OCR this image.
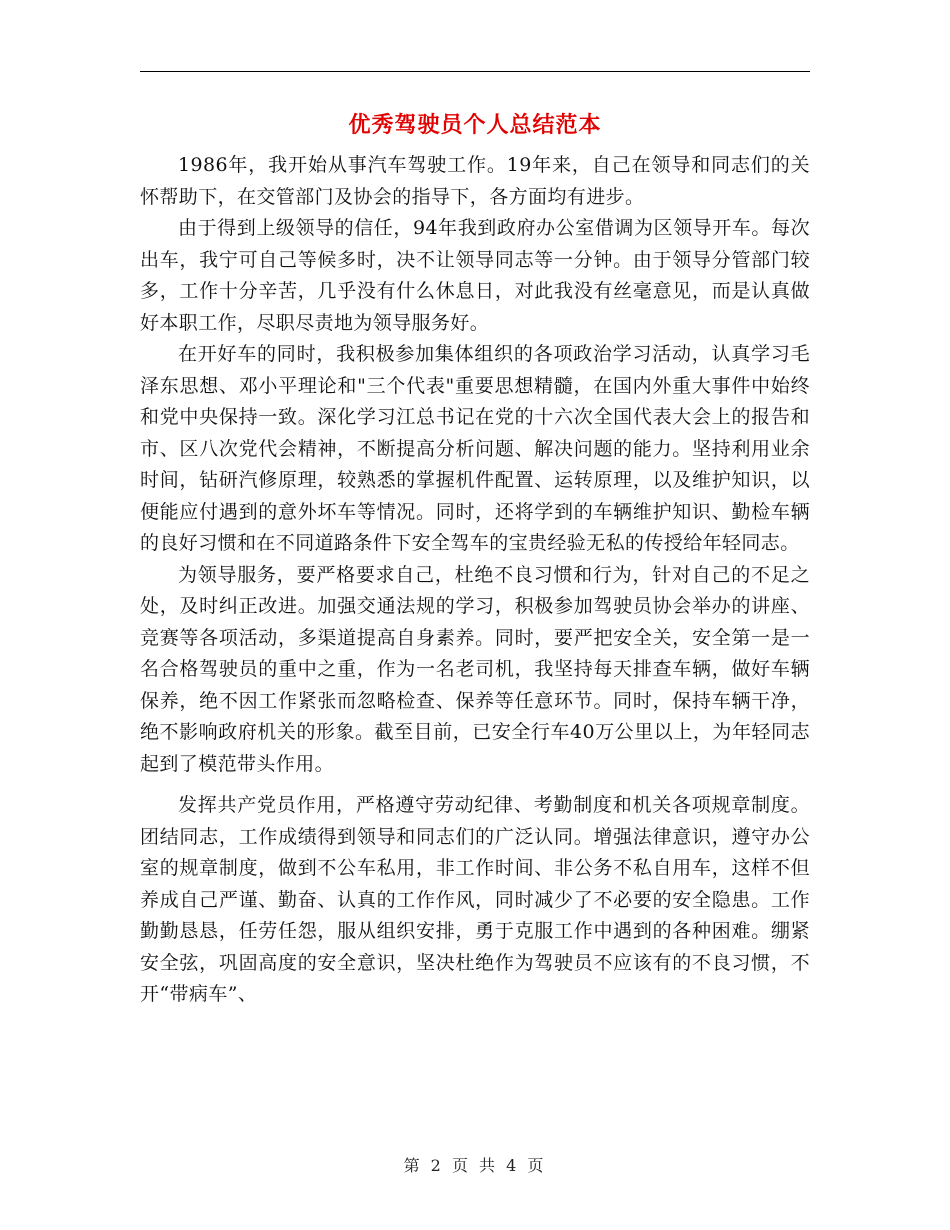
优秀驾驶员个人总结范本

1986年，我开始从事汽车驾驶工作。19年来，自己在领导和同志们的关怀帮助下，在交管部门及协会的指导下，各方面均有进步。

由于得到上级领导的信任，94年我到政府办公室借调为区领导开车。每次出车，我宁可自己等候多时，决不让领导同志等一分钟。由于领导分管部门较多，工作十分辛苦，几乎没有什么休息日，对此我没有丝毫意见，而是认真做好本职工作，尽职尽责地为领导服务好。

在开好车的同时，我积极参加集体组织的各项政治学习活动，认真学习毛泽东思想、邓小平理论和"三个代表"重要思想精髓，在国内外重大事件中始终和党中央保持一致。深化学习江总书记在党的十六次全国代表大会上的报告和市、区八次党代会精神，不断提高分析问题、解决问题的能力。坚持利用业余时间，钻研汽修原理，较熟悉的掌握机件配置、运转原理，以及维护知识，以便能应付遇到的意外坏车等情况。同时，还将学到的车辆维护知识、勤检车辆的良好习惯和在不同道路条件下安全驾车的宝贵经验无私的传授给年轻同志。

为领导服务，要严格要求自己，杜绝不良习惯和行为，针对自己的不足之处，及时纠正改进。加强交通法规的学习，积极参加驾驶员协会举办的讲座、竞赛等各项活动，多渠道提高自身素养。同时，要严把安全关，安全第一是一名合格驾驶员的重中之重，作为一名老司机，我坚持每天排查车辆，做好车辆保养，绝不因工作紧张而忽略检查、保养等任意环节。同时，保持车辆干净，绝不影响政府机关的形象。截至目前，已安全行车40万公里以上，为年轻同志起到了模范带头作用。

发挥共产党员作用，严格遵守劳动纪律、考勤制度和机关各项规章制度。团结同志，工作成绩得到领导和同志们的广泛认同。增强法律意识，遵守办公室的规章制度，做到不公车私用，非工作时间、非公务不私自用车，这样不但养成自己严谨、勤奋、认真的工作作风，同时减少了不必要的安全隐患。工作勤勤恳恳，任劳任怨，服从组织安排，勇于克服工作中遇到的各种困难。绷紧安全弦，巩固高度的安全意识，坚决杜绝作为驾驶员不应该有的不良习惯，不开“带病车”、

第 2 页 共 4 页
